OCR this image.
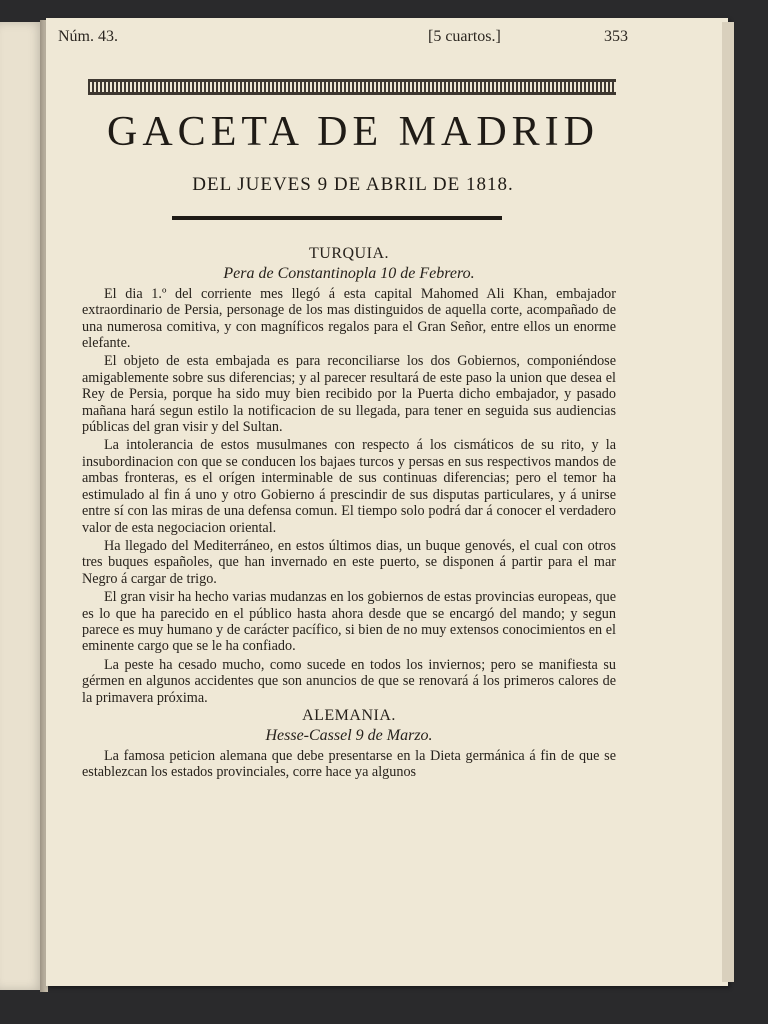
Núm. 43.	[5 cuartos.]	353
GACETA DE MADRID
DEL JUEVES 9 DE ABRIL DE 1818.
TURQUIA.
Pera de Constantinopla 10 de Febrero.

El dia 1.º del corriente mes llegó á esta capital Mahomed Ali Khan, embajador extraordinario de Persia, personage de los mas distinguidos de aquella corte, acompañado de una numerosa comitiva, y con magníficos regalos para el Gran Señor, entre ellos un enorme elefante.

El objeto de esta embajada es para reconciliarse los dos Gobiernos, componiéndose amigablemente sobre sus diferencias; y al parecer resultará de este paso la union que desea el Rey de Persia, porque ha sido muy bien recibido por la Puerta dicho embajador, y pasado mañana hará segun estilo la notificacion de su llegada, para tener en seguida sus audiencias públicas del gran visir y del Sultan.

La intolerancia de estos musulmanes con respecto á los cismáticos de su rito, y la insubordinacion con que se conducen los bajaes turcos y persas en sus respectivos mandos de ambas fronteras, es el orígen interminable de sus continuas diferencias; pero el temor ha estimulado al fin á uno y otro Gobierno á prescindir de sus disputas particulares, y á unirse entre sí con las miras de una defensa comun. El tiempo solo podrá dar á conocer el verdadero valor de esta negociacion oriental.

Ha llegado del Mediterráneo, en estos últimos dias, un buque genovés, el cual con otros tres buques españoles, que han invernado en este puerto, se disponen á partir para el mar Negro á cargar de trigo.

El gran visir ha hecho varias mudanzas en los gobiernos de estas provincias europeas, que es lo que ha parecido en el público hasta ahora desde que se encargó del mando; y segun parece es muy humano y de carácter pacífico, si bien de no muy extensos conocimientos en el eminente cargo que se le ha confiado.

La peste ha cesado mucho, como sucede en todos los inviernos; pero se manifiesta su gérmen en algunos accidentes que son anuncios de que se renovará á los primeros calores de la primavera próxima.

ALEMANIA.
Hesse-Cassel 9 de Marzo.

La famosa peticion alemana que debe presentarse en la Dieta germánica á fin de que se establezcan los estados provinciales, corre hace ya algunos
